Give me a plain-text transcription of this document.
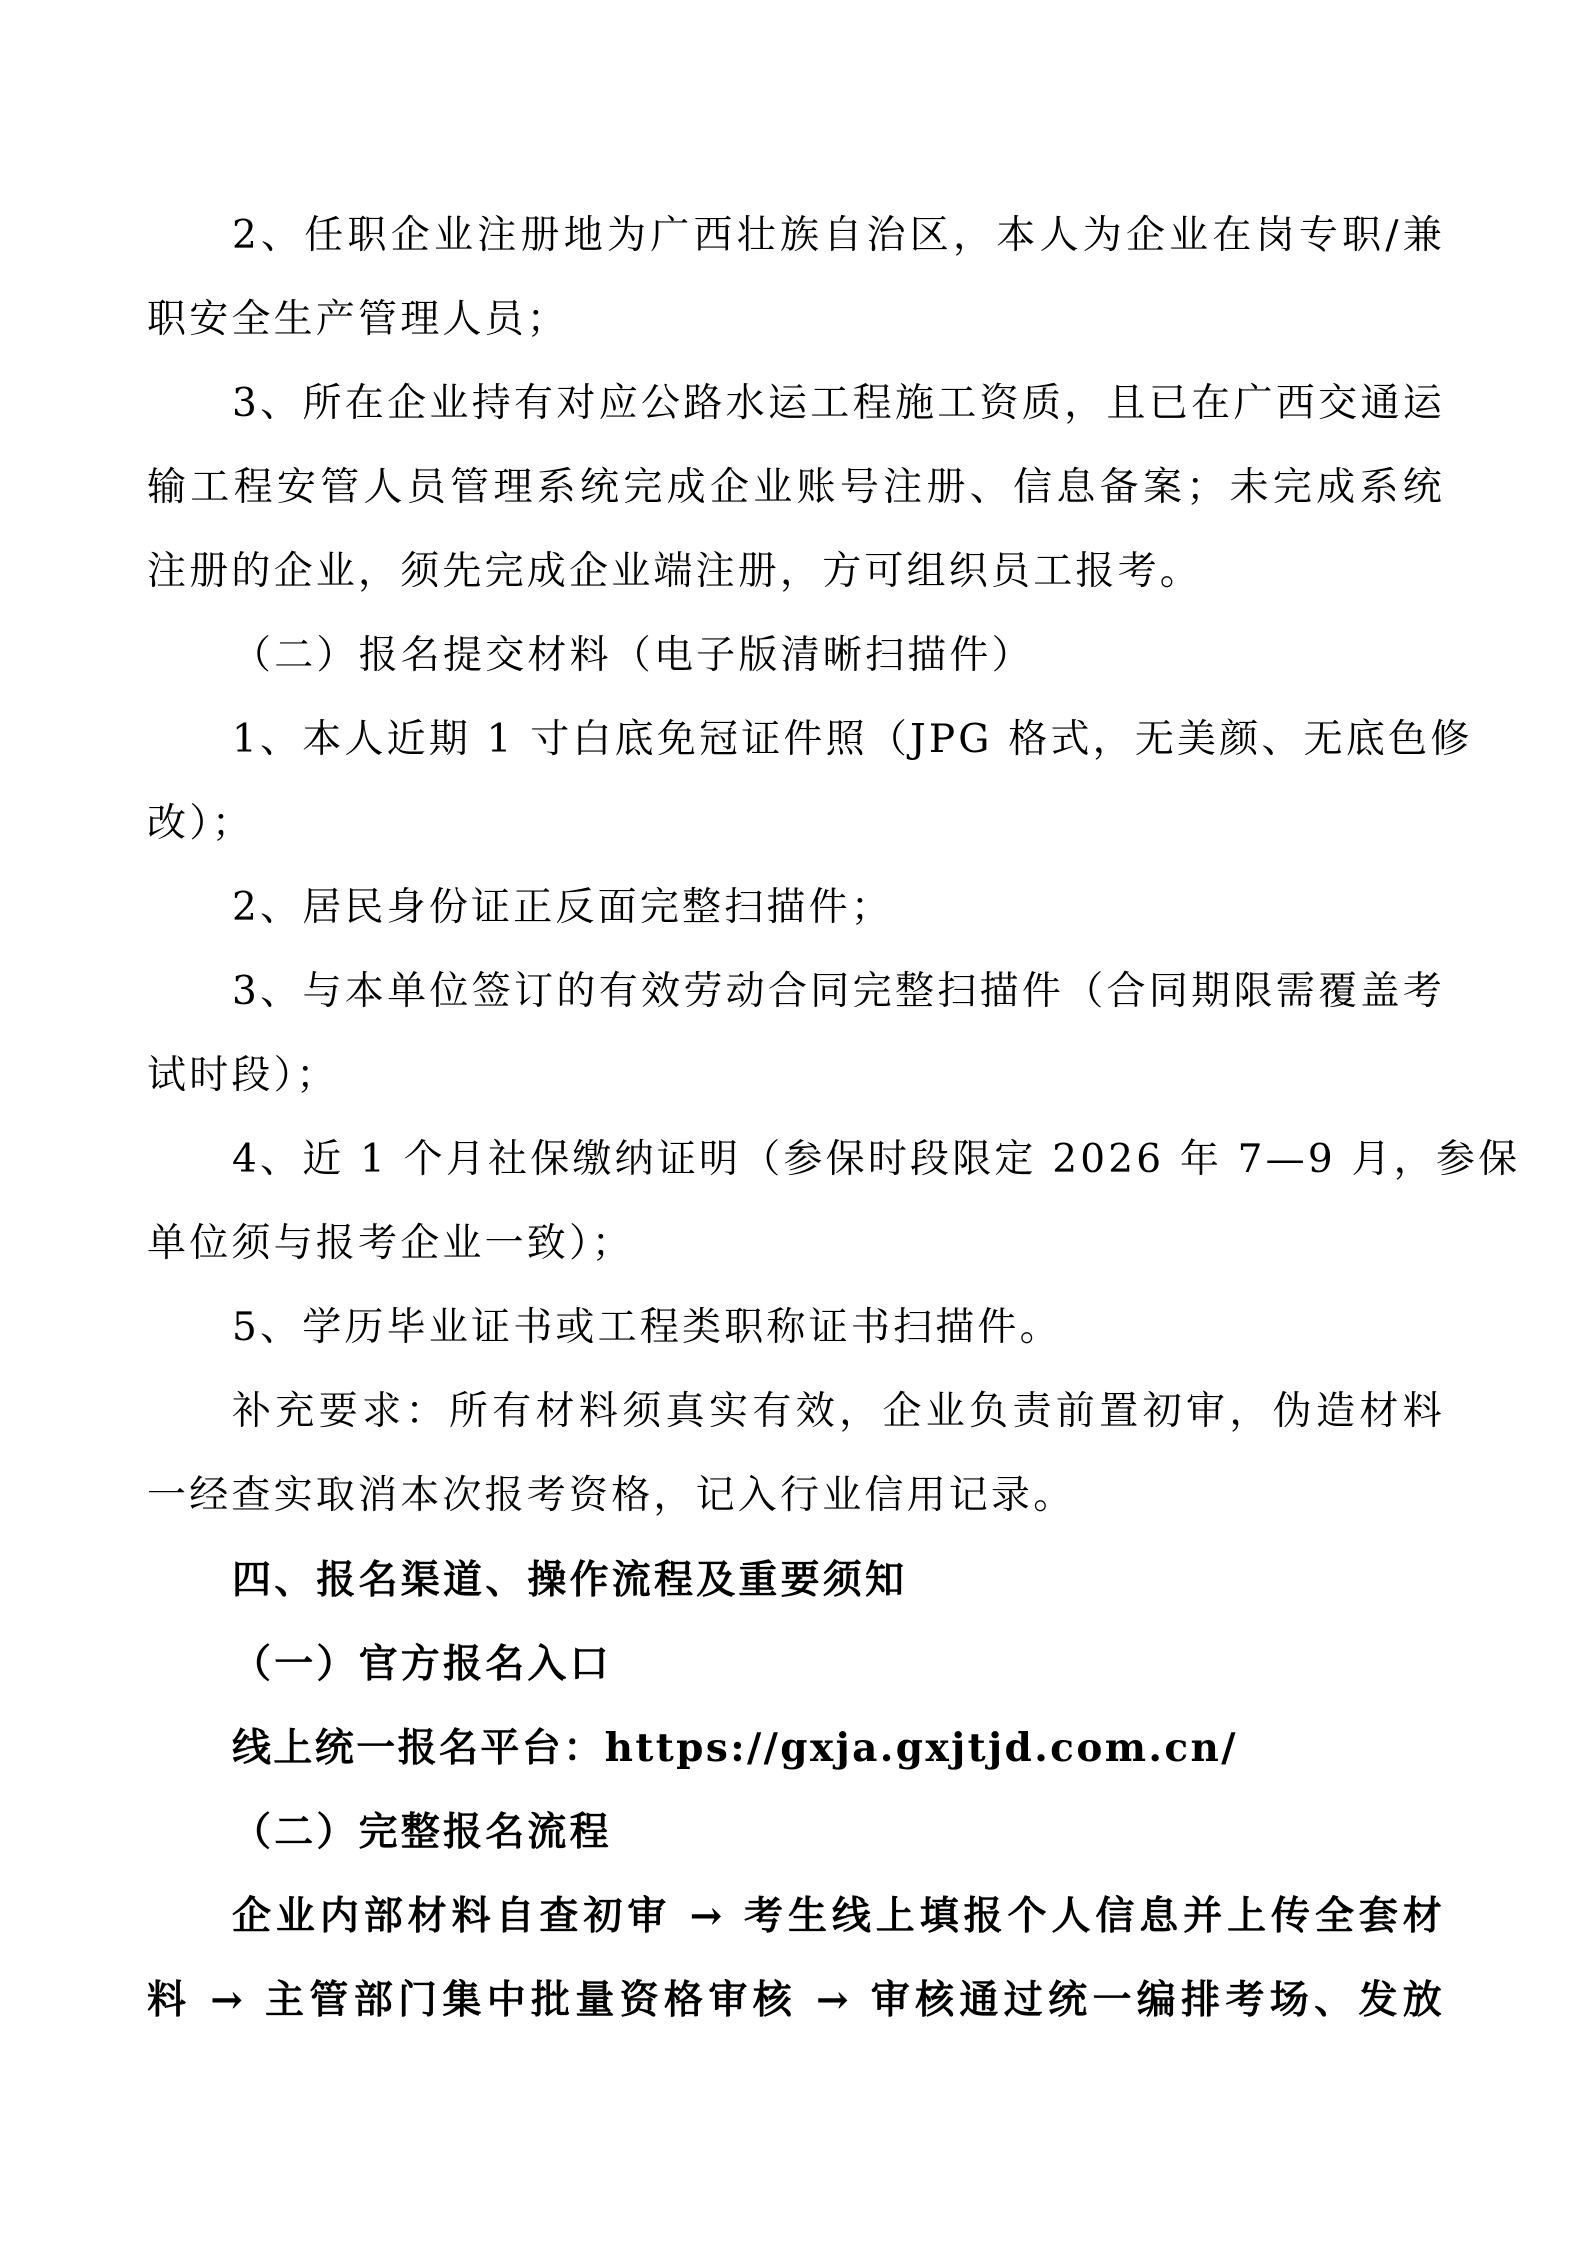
2、任职企业注册地为广西壮族自治区，本人为企业在岗专职/兼
职安全生产管理人员；
3、所在企业持有对应公路水运工程施工资质，且已在广西交通运
输工程安管人员管理系统完成企业账号注册、信息备案；未完成系统
注册的企业，须先完成企业端注册，方可组织员工报考。
（二）报名提交材料（电子版清晰扫描件）
1、本人近期 1 寸白底免冠证件照（JPG 格式，无美颜、无底色修
改）；
2、居民身份证正反面完整扫描件；
3、与本单位签订的有效劳动合同完整扫描件（合同期限需覆盖考
试时段）；
4、近 1 个月社保缴纳证明（参保时段限定 2026 年 7—9 月，参保
单位须与报考企业一致）；
5、学历毕业证书或工程类职称证书扫描件。
补充要求：所有材料须真实有效，企业负责前置初审，伪造材料
一经查实取消本次报考资格，记入行业信用记录。
四、报名渠道、操作流程及重要须知
（一）官方报名入口
线上统一报名平台：https://gxja.gxjtjd.com.cn/
（二）完整报名流程
企业内部材料自查初审 → 考生线上填报个人信息并上传全套材
料 → 主管部门集中批量资格审核 → 审核通过统一编排考场、发放
